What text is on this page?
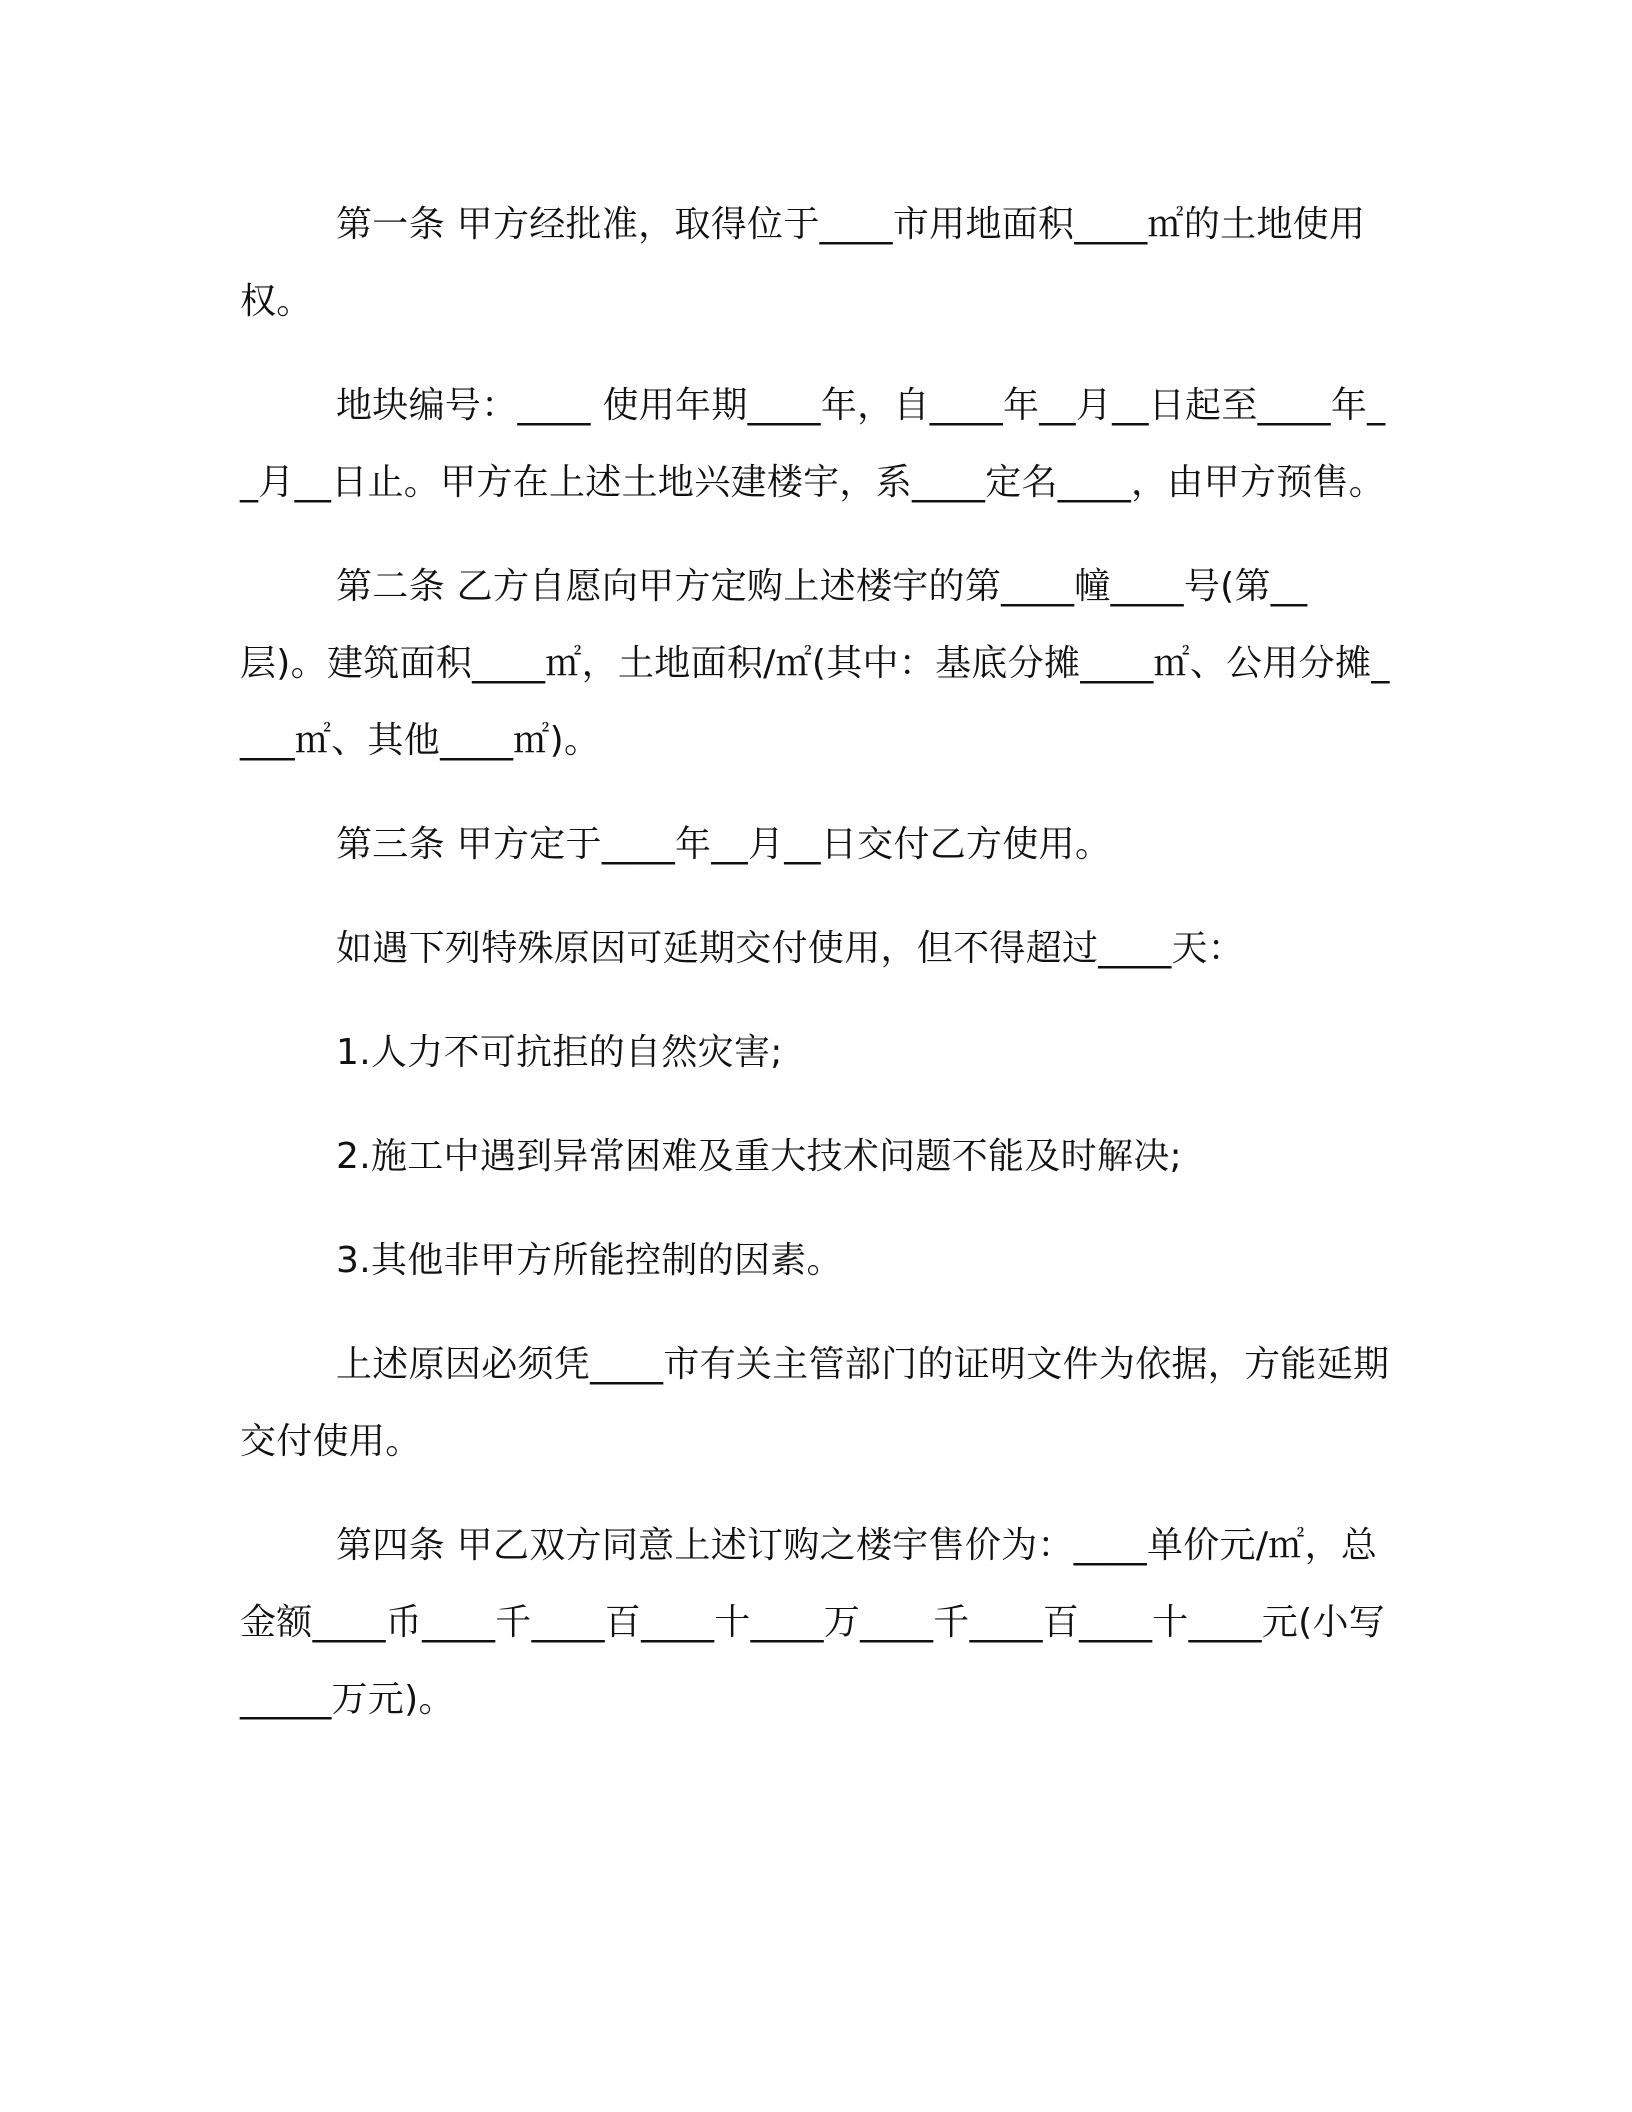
第一条 甲方经批准，取得位于____市用地面积____㎡的土地使用权。

地块编号：____ 使用年期____年，自____年__月__日起至____年__月__日止。甲方在上述土地兴建楼宇，系____定名____，由甲方预售。

第二条 乙方自愿向甲方定购上述楼宇的第____幢____号(第__层)。建筑面积____㎡，土地面积/㎡(其中：基底分摊____㎡、公用分摊____㎡、其他____㎡)。

第三条 甲方定于____年__月__日交付乙方使用。

如遇下列特殊原因可延期交付使用，但不得超过____天：

1.人力不可抗拒的自然灾害;

2.施工中遇到异常困难及重大技术问题不能及时解决;

3.其他非甲方所能控制的因素。

上述原因必须凭____市有关主管部门的证明文件为依据，方能延期交付使用。

第四条 甲乙双方同意上述订购之楼宇售价为：____单价元/㎡，总金额____币____千____百____十____万____千____百____十____元(小写_____万元)。
